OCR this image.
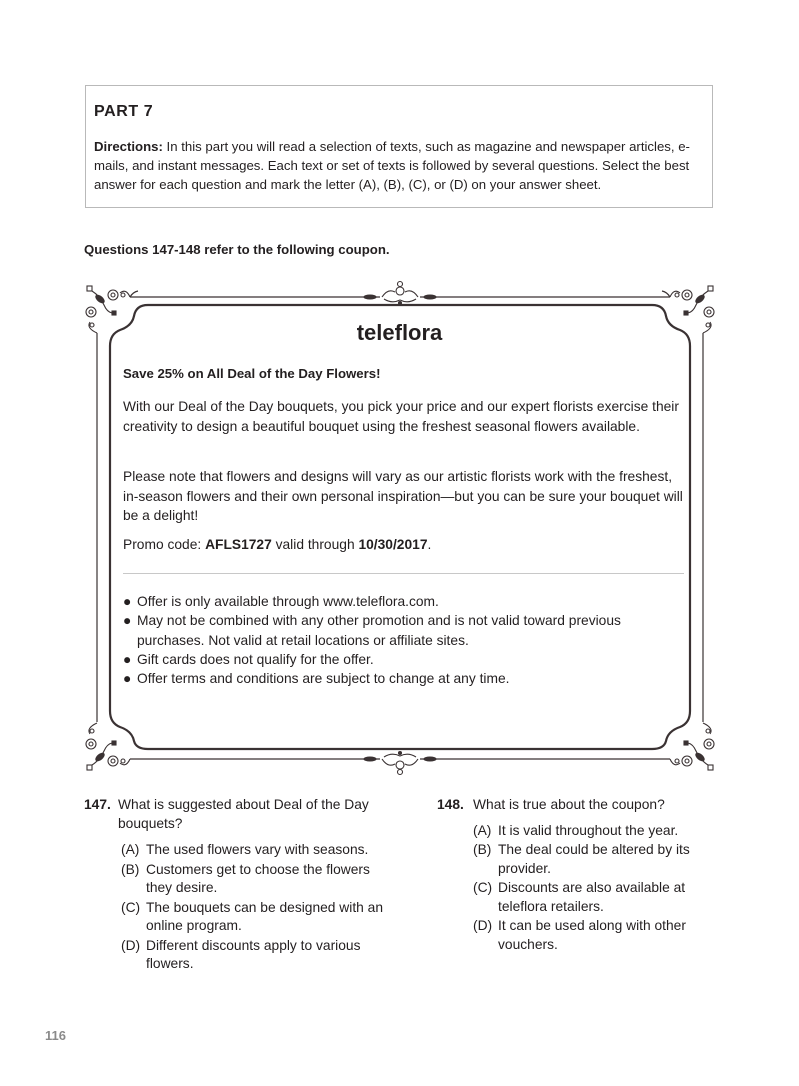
PART 7
Directions: In this part you will read a selection of texts, such as magazine and newspaper articles, e-mails, and instant messages. Each text or set of texts is followed by several questions. Select the best answer for each question and mark the letter (A), (B), (C), or (D) on your answer sheet.
Questions 147-148 refer to the following coupon.
teleflora
Save 25% on All Deal of the Day Flowers!
With our Deal of the Day bouquets, you pick your price and our expert florists exercise their creativity to design a beautiful bouquet using the freshest seasonal flowers available.
Please note that flowers and designs will vary as our artistic florists work with the freshest, in-season flowers and their own personal inspiration—but you can be sure your bouquet will be a delight!
Promo code: AFLS1727 valid through 10/30/2017.
● Offer is only available through www.teleflora.com.
● May not be combined with any other promotion and is not valid toward previous purchases. Not valid at retail locations or affiliate sites.
● Gift cards does not qualify for the offer.
● Offer terms and conditions are subject to change at any time.
147. What is suggested about Deal of the Day bouquets?
(A) The used flowers vary with seasons.
(B) Customers get to choose the flowers they desire.
(C) The bouquets can be designed with an online program.
(D) Different discounts apply to various flowers.
148. What is true about the coupon?
(A) It is valid throughout the year.
(B) The deal could be altered by its provider.
(C) Discounts are also available at teleflora retailers.
(D) It can be used along with other vouchers.
116
